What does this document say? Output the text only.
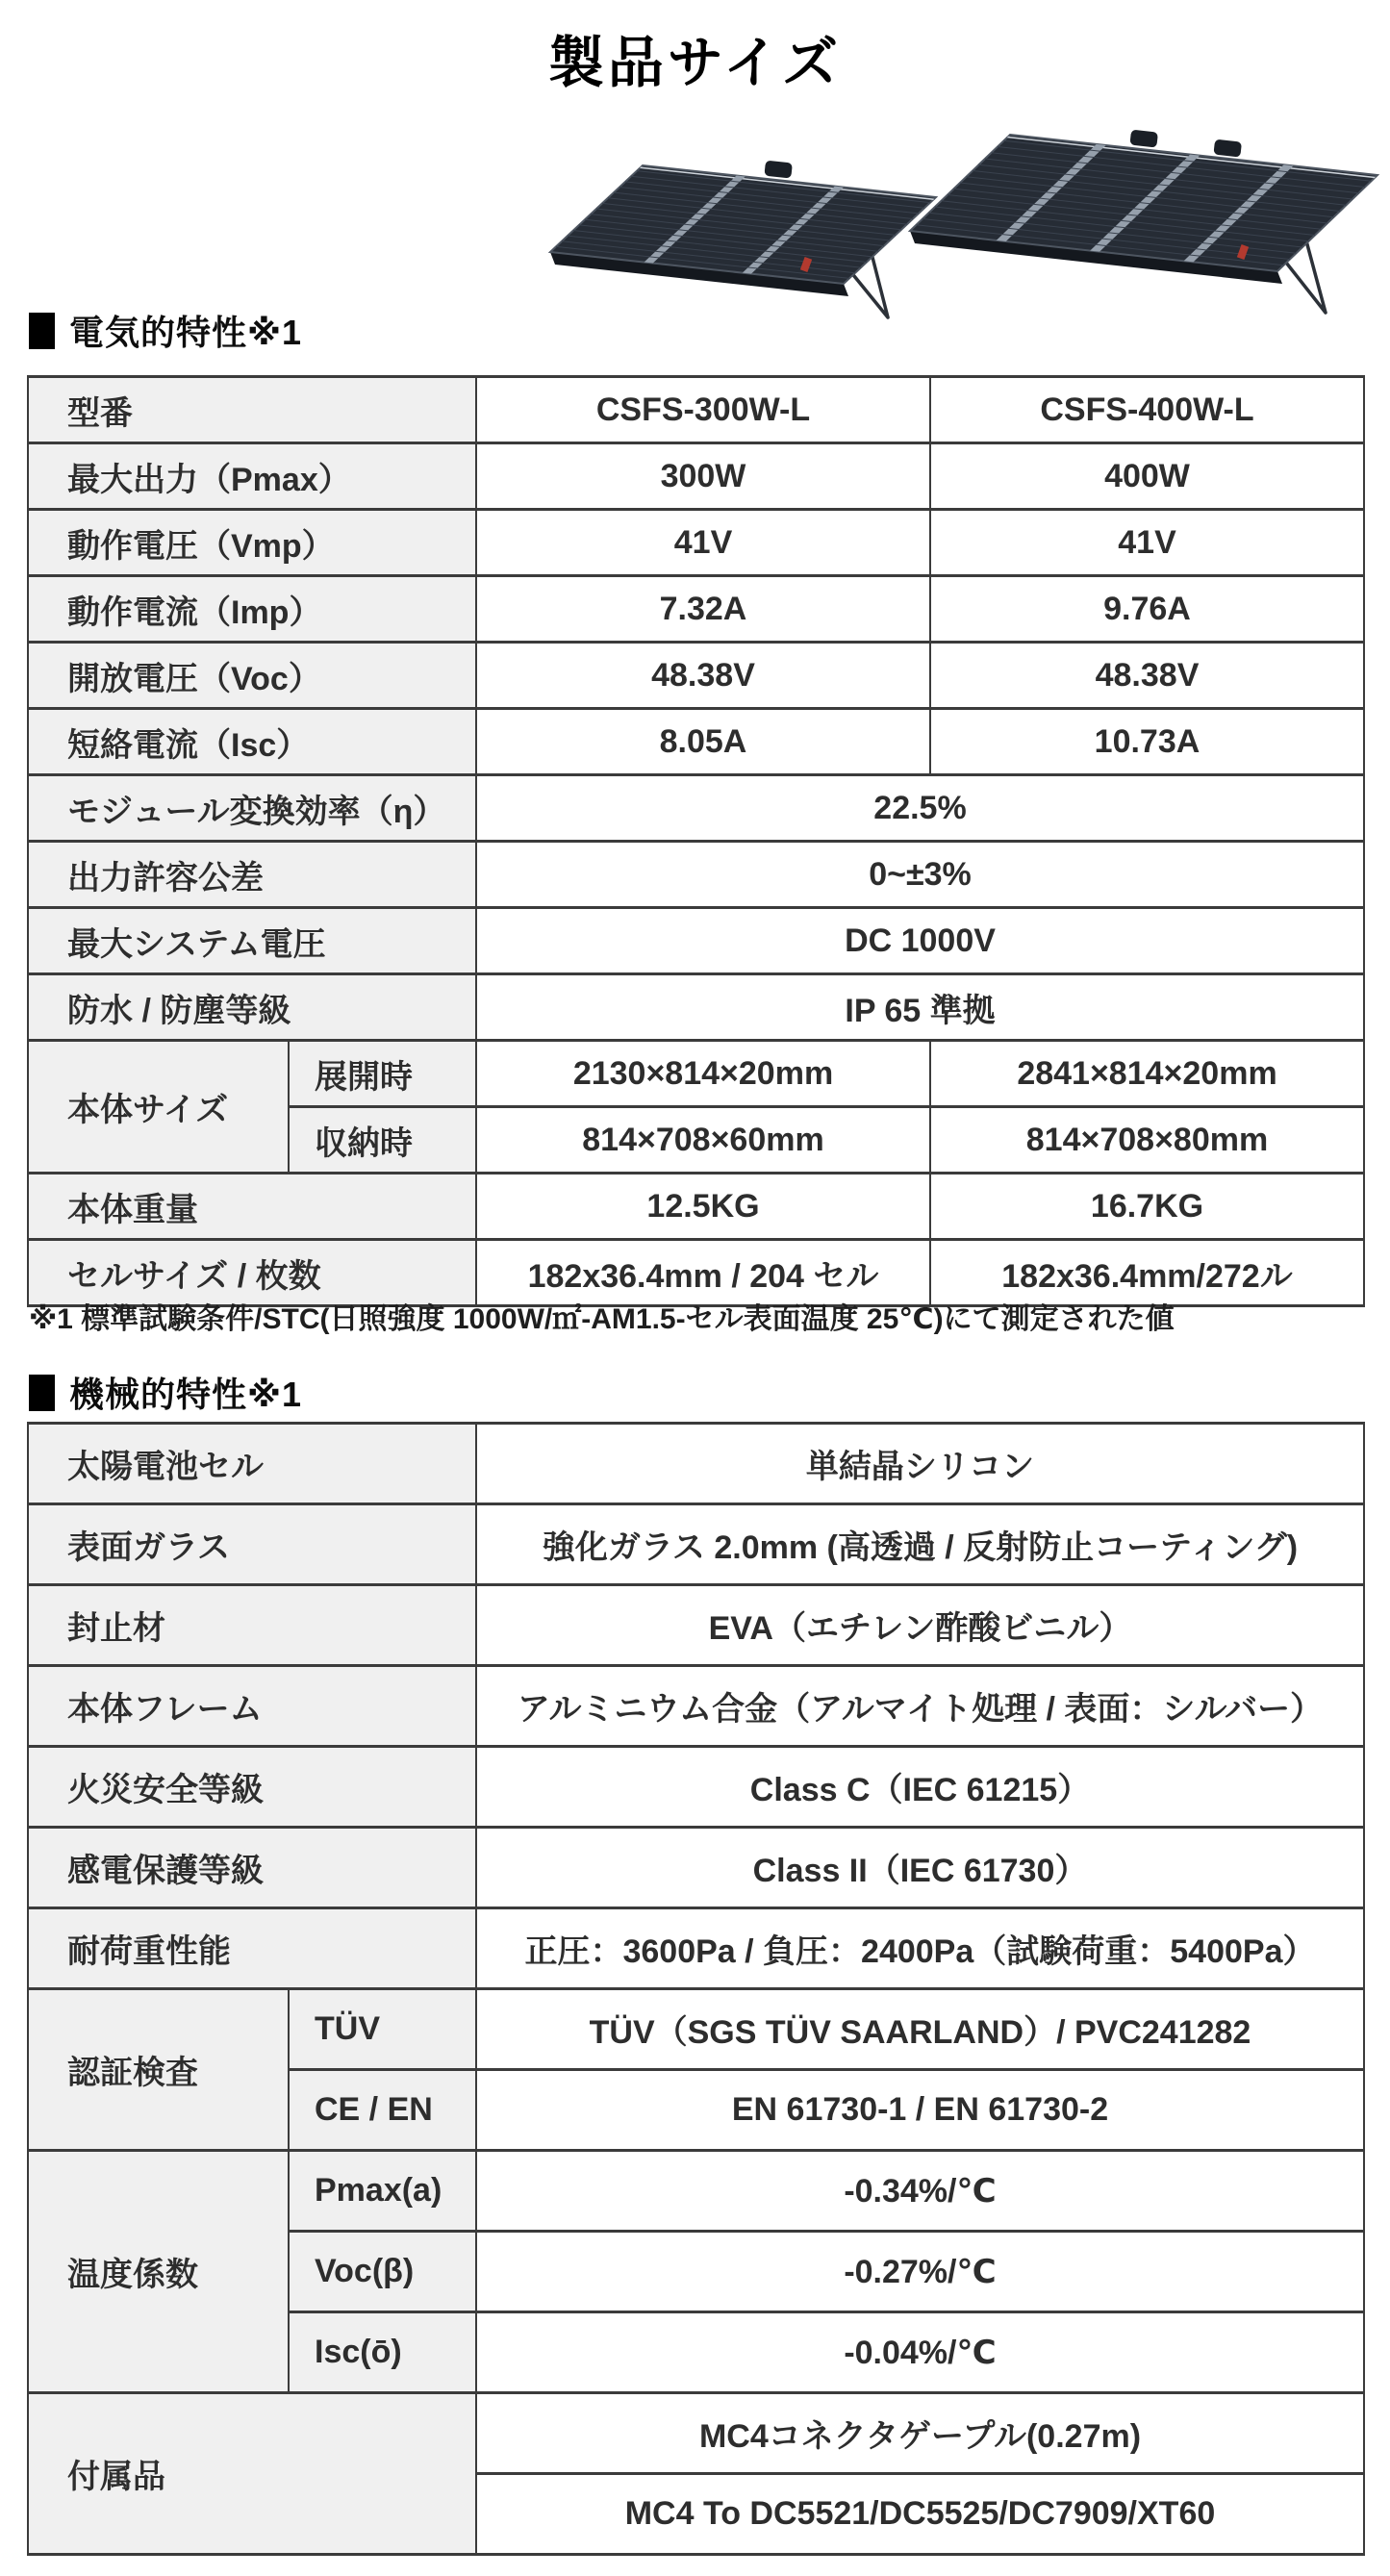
製品サイズ
電気的特性※1
型番		CSFS-300W-L	CSFS-400W-L
最大出力（Pmax）		300W	400W
動作電圧（Vmp）		41V	41V
動作電流（Imp）		7.32A	9.76A
開放電圧（Voc）		48.38V	48.38V
短絡電流（Isc）		8.05A	10.73A
モジュール変換効率（η）		22.5%	
出力許容公差		0~±3%	
最大システム電圧		DC 1000V	
防水 / 防塵等級		IP 65 準拠	
本体サイズ	展開時	2130×814×20mm	2841×814×20mm
	収納時	814×708×60mm	814×708×80mm
本体重量		12.5KG	16.7KG
セルサイズ / 枚数		182x36.4mm / 204 セル	182x36.4mm/272ル
※1 標準試験条件/STC(日照強度 1000W/㎡-AM1.5-セル表面温度 25℃)にて測定された値
機械的特性※1
太陽電池セル		単結晶シリコン
表面ガラス		強化ガラス 2.0mm (高透過 / 反射防止コーティング)
封止材		EVA（エチレン酢酸ビニル）
本体フレーム		アルミニウム合金（アルマイト処理 / 表面：シルバー）
火災安全等級		Class C（IEC 61215）
感電保護等級		Class II（IEC 61730）
耐荷重性能		正圧：3600Pa / 負圧：2400Pa（試験荷重：5400Pa）
認証検査	TÜV	TÜV（SGS TÜV SAARLAND）/ PVC241282
	CE / EN	EN 61730-1 / EN 61730-2
温度係数	Pmax(a)	-0.34%/℃
	Voc(β)	-0.27%/℃
	Isc(ō)	-0.04%/℃
付属品		MC4コネクタゲープル(0.27m)
		MC4 To DC5521/DC5525/DC7909/XT60
